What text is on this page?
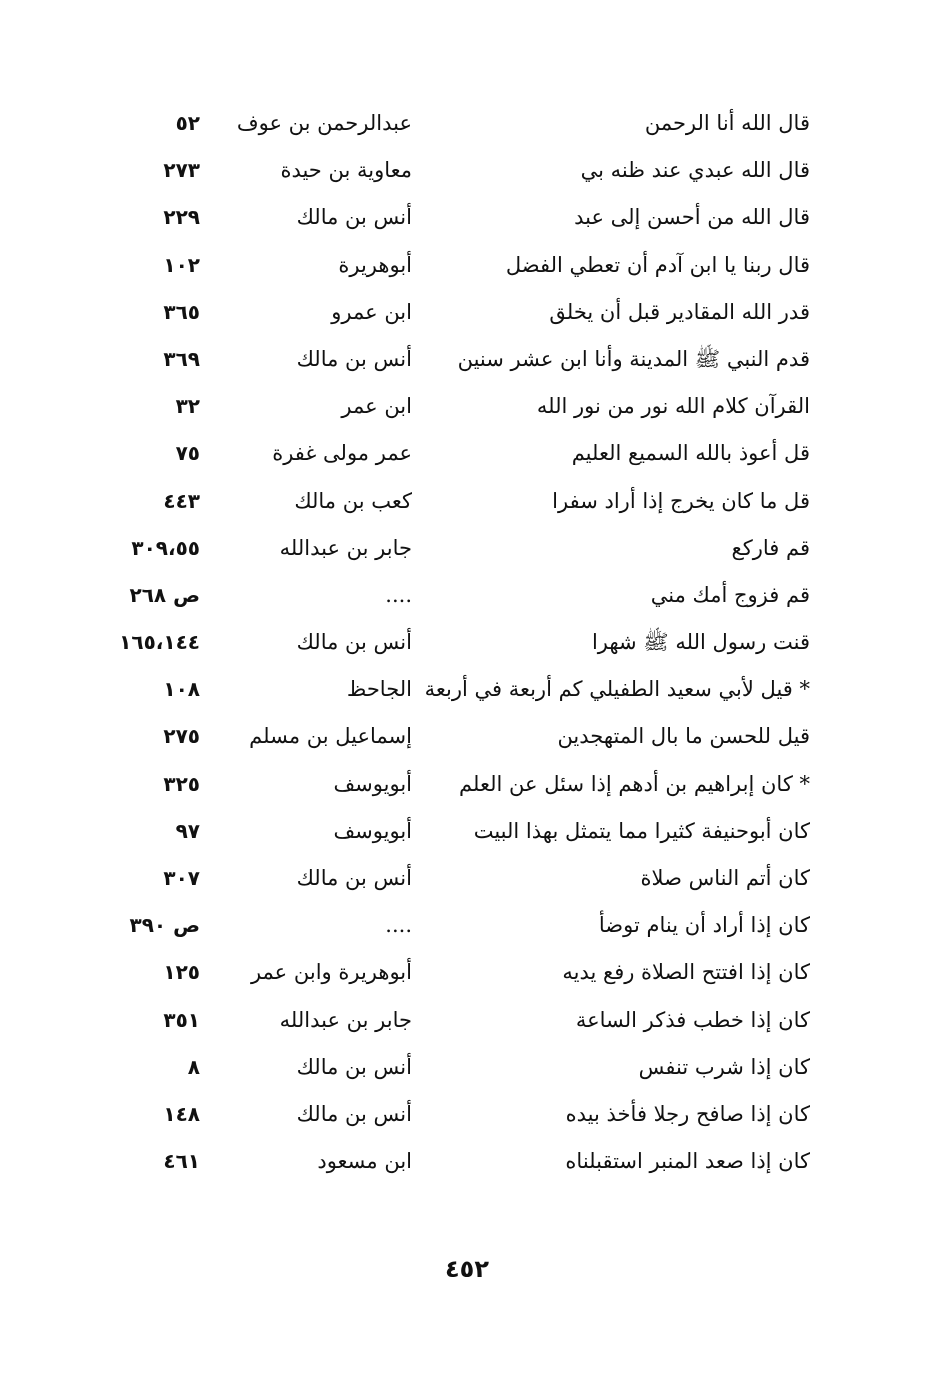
قال الله أنا الرحمن
عبدالرحمن بن عوف
٥٢
قال الله عبدي عند ظنه بي
معاوية بن حيدة
٢٧٣
قال الله من أحسن إلى عبد
أنس بن مالك
٢٢٩
قال ربنا يا ابن آدم أن تعطي الفضل
أبوهريرة
١٠٢
قدر الله المقادير قبل أن يخلق
ابن عمرو
٣٦٥
قدم النبي ﷺ المدينة وأنا ابن عشر سنين
أنس بن مالك
٣٦٩
القرآن كلام الله نور من نور الله
ابن عمر
٣٢
قل أعوذ بالله السميع العليم
عمر مولى غفرة
٧٥
قل ما كان يخرج إذا أراد سفرا
كعب بن مالك
٤٤٣
قم فاركع
جابر بن عبدالله
٣٠٩،٥٥
قم فزوج أمك مني
....
ص ٢٦٨
قنت رسول الله ﷺ شهرا
أنس بن مالك
١٦٥،١٤٤
* قيل لأبي سعيد الطفيلي كم أربعة في أربعة
الجاحظ
١٠٨
قيل للحسن ما بال المتهجدين
إسماعيل بن مسلم
٢٧٥
* كان إبراهيم بن أدهم إذا سئل عن العلم
أبويوسف
٣٢٥
كان أبوحنيفة كثيرا مما يتمثل بهذا البيت
أبويوسف
٩٧
كان أتم الناس صلاة
أنس بن مالك
٣٠٧
كان إذا أراد أن ينام توضأ
....
ص ٣٩٠
كان إذا افتتح الصلاة رفع يديه
أبوهريرة وابن عمر
١٢٥
كان إذا خطب فذكر الساعة
جابر بن عبدالله
٣٥١
كان إذا شرب تنفس
أنس بن مالك
٨
كان إذا صافح رجلا فأخذ بيده
أنس بن مالك
١٤٨
كان إذا صعد المنبر استقبلناه
ابن مسعود
٤٦١
٤٥٢
